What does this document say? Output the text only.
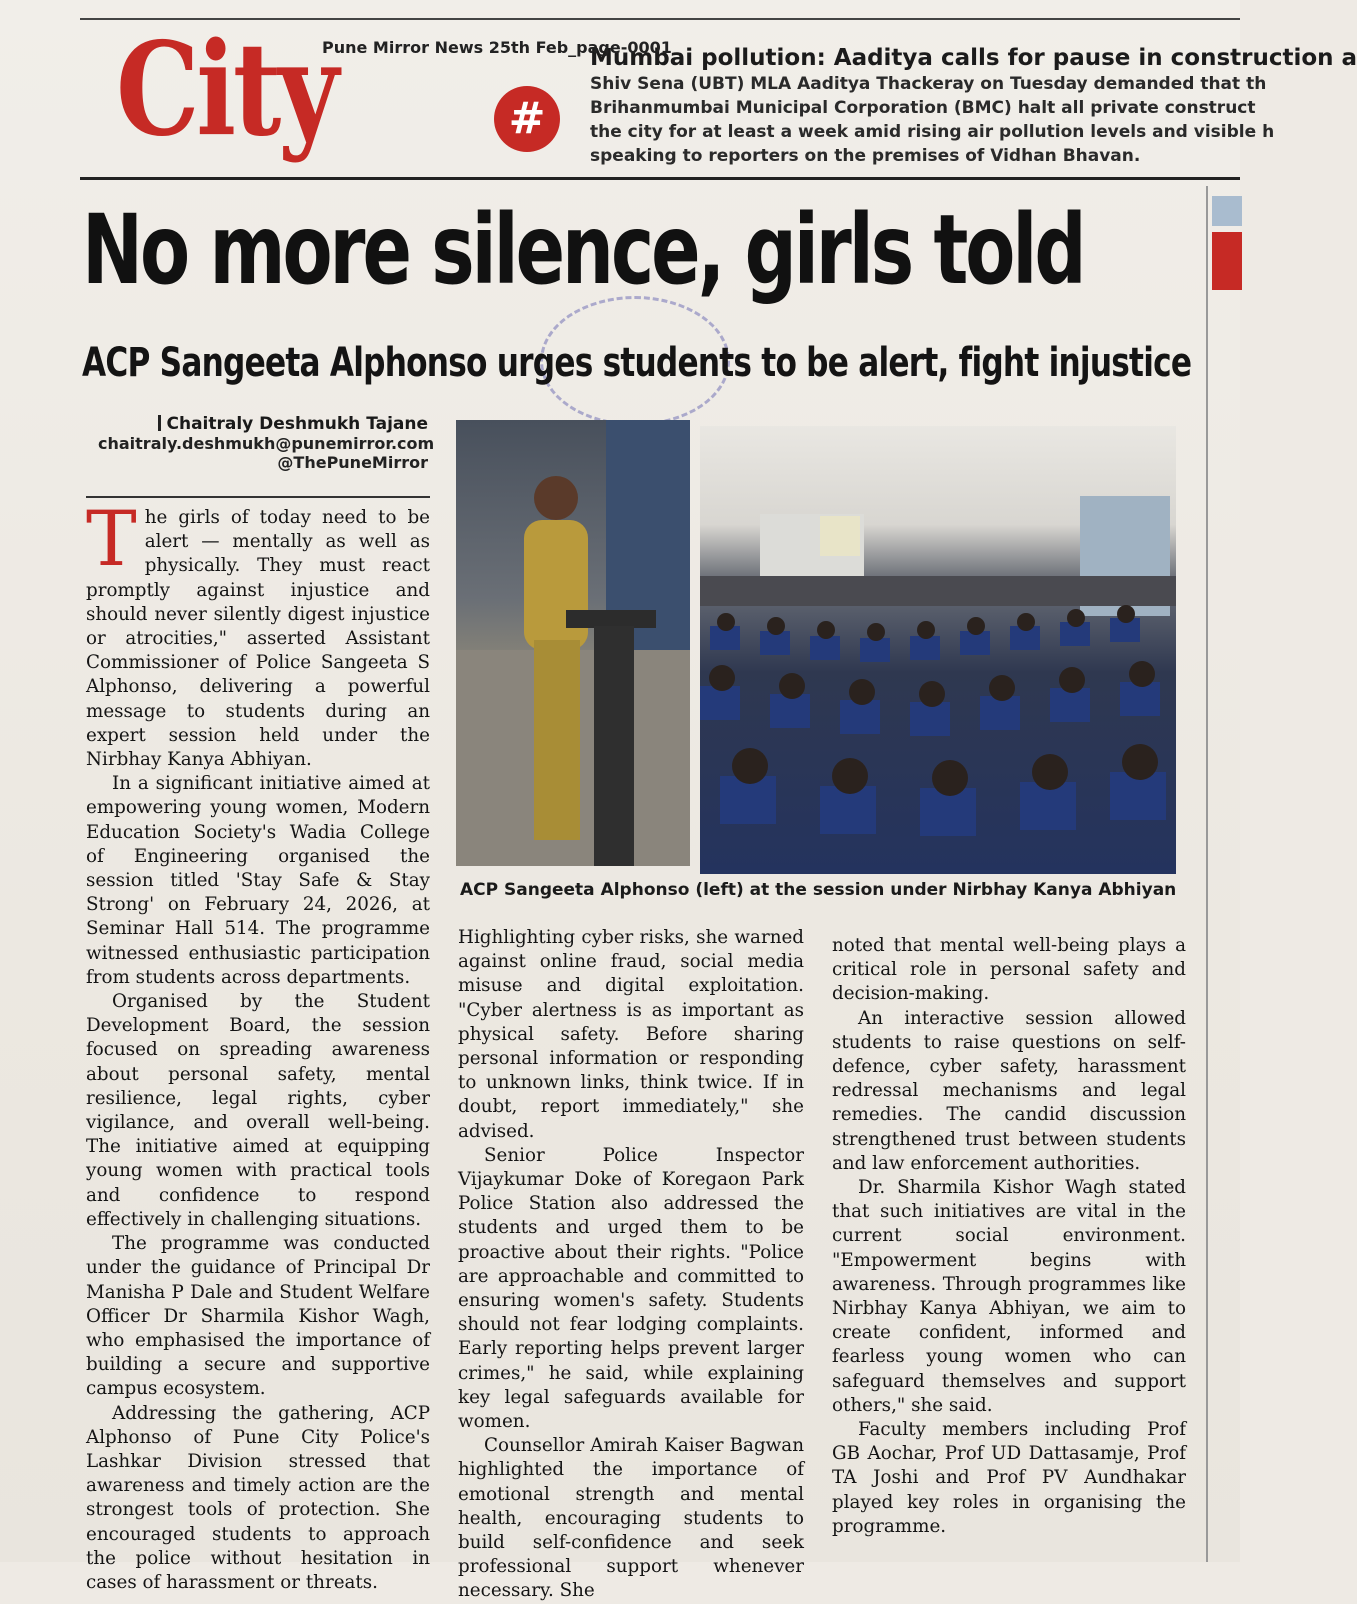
Pune Mirror News 25th Feb_page-0001
City	#
Mumbai pollution: Aaditya calls for pause in construction a
Shiv Sena (UBT) MLA Aaditya Thackeray on Tuesday demanded that th Brihanmumbai Municipal Corporation (BMC) halt all private construct the city for at least a week amid rising air pollution levels and visible h speaking to reporters on the premises of Vidhan Bhavan.
No more silence, girls told
ACP Sangeeta Alphonso urges students to be alert, fight injustice
Chaitraly Deshmukh Tajane
chaitraly.deshmukh@punemirror.com
@ThePuneMirror

The girls of today need to be alert — mentally as well as physically. They must react promptly against injustice and should never silently digest injustice or atrocities," asserted Assistant Commissioner of Police Sangeeta S Alphonso, delivering a powerful message to students during an expert session held under the Nirbhay Kanya Abhiyan.

In a significant initiative aimed at empowering young women, Modern Education Society's Wadia College of Engineering organised the session titled 'Stay Safe & Stay Strong' on February 24, 2026, at Seminar Hall 514. The programme witnessed enthusiastic participation from students across departments.

Organised by the Student Development Board, the session focused on spreading awareness about personal safety, mental resilience, legal rights, cyber vigilance, and overall well-being. The initiative aimed at equipping young women with practical tools and confidence to respond effectively in challenging situations.

The programme was conducted under the guidance of Principal Dr Manisha P Dale and Student Welfare Officer Dr Sharmila Kishor Wagh, who emphasised the importance of building a secure and supportive campus ecosystem.

Addressing the gathering, ACP Alphonso of Pune City Police's Lashkar Division stressed that awareness and timely action are the strongest tools of protection. She encouraged students to approach the police without hesitation in cases of harassment or threats.

ACP Sangeeta Alphonso (left) at the session under Nirbhay Kanya Abhiyan

Highlighting cyber risks, she warned against online fraud, social media misuse and digital exploitation. "Cyber alertness is as important as physical safety. Before sharing personal information or responding to unknown links, think twice. If in doubt, report immediately," she advised.

Senior Police Inspector Vijaykumar Doke of Koregaon Park Police Station also addressed the students and urged them to be proactive about their rights. "Police are approachable and committed to ensuring women's safety. Students should not fear lodging complaints. Early reporting helps prevent larger crimes," he said, while explaining key legal safeguards available for women.

Counsellor Amirah Kaiser Bagwan highlighted the importance of emotional strength and mental health, encouraging students to build self-confidence and seek professional support whenever necessary. She

noted that mental well-being plays a critical role in personal safety and decision-making.

An interactive session allowed students to raise questions on self-defence, cyber safety, harassment redressal mechanisms and legal remedies. The candid discussion strengthened trust between students and law enforcement authorities.

Dr. Sharmila Kishor Wagh stated that such initiatives are vital in the current social environment. "Empowerment begins with awareness. Through programmes like Nirbhay Kanya Abhiyan, we aim to create confident, informed and fearless young women who can safeguard themselves and support others," she said.

Faculty members including Prof GB Aochar, Prof UD Dattasamje, Prof TA Joshi and Prof PV Aundhakar played key roles in organising the programme.
